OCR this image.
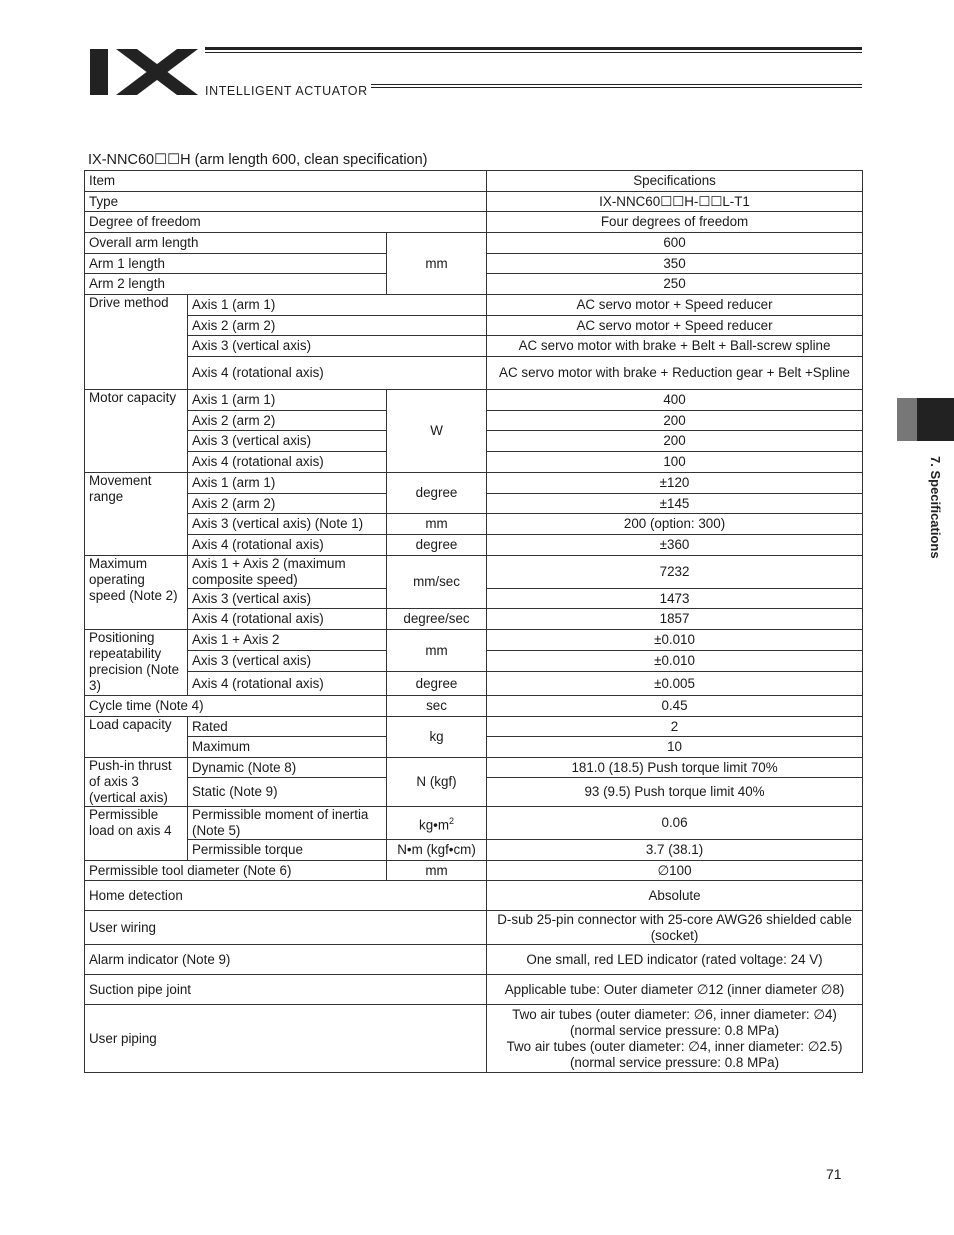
INTELLIGENT ACTUATOR
IX-NNC60☐☐H (arm length 600, clean specification)
Item			Specifications
Type			IX-NNC60☐☐H-☐☐L-T1
Degree of freedom			Four degrees of freedom
Overall arm length		mm	600
Arm 1 length			350
Arm 2 length			250
Drive method	Axis 1 (arm 1)		AC servo motor + Speed reducer
	Axis 2 (arm 2)		AC servo motor + Speed reducer
	Axis 3 (vertical axis)		AC servo motor with brake + Belt + Ball-screw spline
	Axis 4 (rotational axis)		AC servo motor with brake + Reduction gear + Belt +Spline
Motor capacity	Axis 1 (arm 1)	W	400
	Axis 2 (arm 2)		200
	Axis 3 (vertical axis)		200
	Axis 4 (rotational axis)		100
Movement range	Axis 1 (arm 1)	degree	±120
	Axis 2 (arm 2)		±145
	Axis 3 (vertical axis) (Note 1)	mm	200 (option: 300)
	Axis 4 (rotational axis)	degree	±360
Maximum operating speed (Note 2)	Axis 1 + Axis 2 (maximum composite speed)	mm/sec	7232
	Axis 3 (vertical axis)		1473
	Axis 4 (rotational axis)	degree/sec	1857
Positioning repeatability precision (Note 3)	Axis 1 + Axis 2	mm	±0.010
	Axis 3 (vertical axis)		±0.010
	Axis 4 (rotational axis)	degree	±0.005
Cycle time (Note 4)		sec	0.45
Load capacity	Rated	kg	2
	Maximum		10
Push-in thrust of axis 3 (vertical axis)	Dynamic (Note 8)	N (kgf)	181.0 (18.5) Push torque limit 70%
	Static (Note 9)		93 (9.5) Push torque limit 40%
Permissible load on axis 4	Permissible moment of inertia (Note 5)	$kg•m^2$	0.06
	Permissible torque	N•m (kgf•cm)	3.7 (38.1)
Permissible tool diameter (Note 6)		mm	∅100
Home detection			Absolute
User wiring			D-sub 25-pin connector with 25-core AWG26 shielded cable (socket)
Alarm indicator (Note 9)			One small, red LED indicator (rated voltage: 24 V)
Suction pipe joint			Applicable tube: Outer diameter ∅12 (inner diameter ∅8)
User piping			Two air tubes (outer diameter: ∅6, inner diameter: ∅4)
(normal service pressure: 0.8 MPa)
Two air tubes (outer diameter: ∅4, inner diameter: ∅2.5)
(normal service pressure: 0.8 MPa)
7. Specifications
71
